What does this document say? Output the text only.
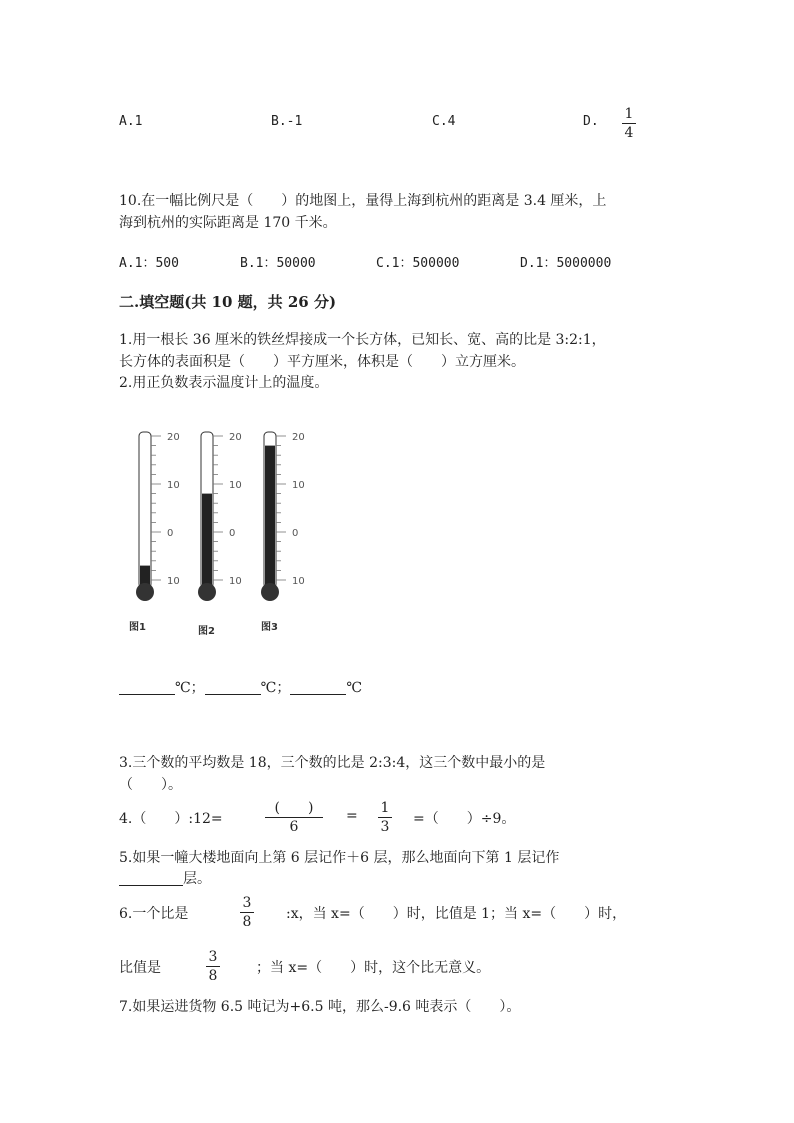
A.1	B.-1	C.4	D. 1
4
10.在一幅比例尺是（　　）的地图上，量得上海到杭州的距离是 3.4 厘米，上
海到杭州的实际距离是 170 千米。
A.1：500	B.1：50000	C.1：500000	D.1：5000000
二.填空题(共 10 题，共 26 分)
1.用一根长 36 厘米的铁丝焊接成一个长方体，已知长、宽、高的比是 3:2:1，
长方体的表面积是（　　）平方厘米，体积是（　　）立方厘米。
2.用正负数表示温度计上的温度。
20
10
0
10
20
10
0
10
20
10
0
10
图1	图2	图3
℃；	℃；	℃
3.三个数的平均数是 18，三个数的比是 2:3:4，这三个数中最小的是
（　　）。
4.（　　）:12=
(　　)
6
= 1
3 =（　　）÷9。
5.如果一幢大楼地面向上第 6 层记作＋6 层，那么地面向下第 1 层记作
层。
6.一个比是
3
8 :x，当 x=（　　）时，比值是 1；当 x=（　　）时，
比值是
3
8	；当 x=（　　）时，这个比无意义。
7.如果运进货物 6.5 吨记为+6.5 吨，那么-9.6 吨表示（　　）。
